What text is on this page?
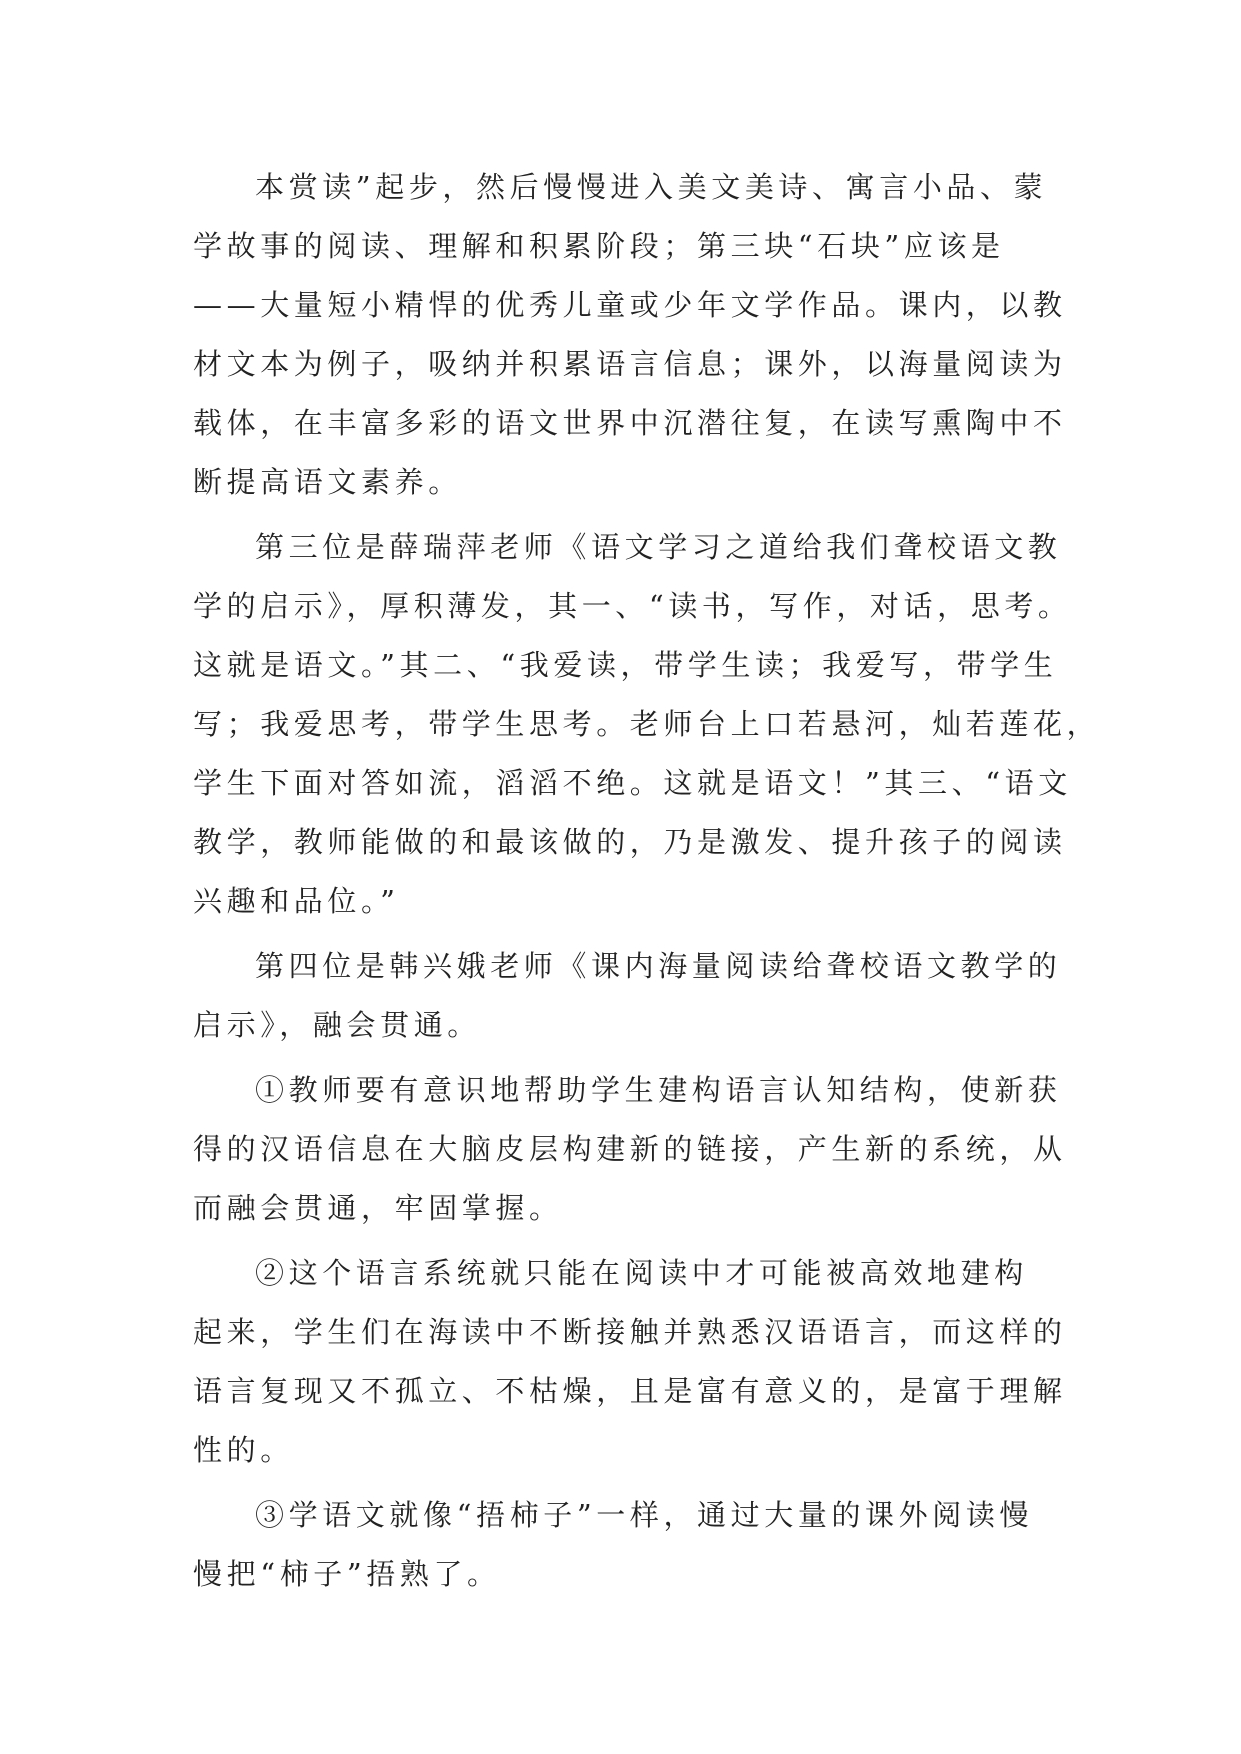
本赏读”起步，然后慢慢进入美文美诗、寓言小品、蒙
学故事的阅读、理解和积累阶段；第三块“石块”应该是
——大量短小精悍的优秀儿童或少年文学作品。课内，以教
材文本为例子，吸纳并积累语言信息；课外，以海量阅读为
载体，在丰富多彩的语文世界中沉潜往复，在读写熏陶中不
断提高语文素养。
第三位是薛瑞萍老师《语文学习之道给我们聋校语文教
学的启示》，厚积薄发，其一、“读书，写作，对话，思考。
这就是语文。”其二、“我爱读，带学生读；我爱写，带学生
写；我爱思考，带学生思考。老师台上口若悬河，灿若莲花，
学生下面对答如流，滔滔不绝。这就是语文！”其三、“语文
教学，教师能做的和最该做的，乃是激发、提升孩子的阅读
兴趣和品位。”
第四位是韩兴娥老师《课内海量阅读给聋校语文教学的
启示》，融会贯通。
①教师要有意识地帮助学生建构语言认知结构，使新获
得的汉语信息在大脑皮层构建新的链接，产生新的系统，从
而融会贯通，牢固掌握。
②这个语言系统就只能在阅读中才可能被高效地建构
起来，学生们在海读中不断接触并熟悉汉语语言，而这样的
语言复现又不孤立、不枯燥，且是富有意义的，是富于理解
性的。
③学语文就像“捂柿子”一样，通过大量的课外阅读慢
慢把“柿子”捂熟了。
